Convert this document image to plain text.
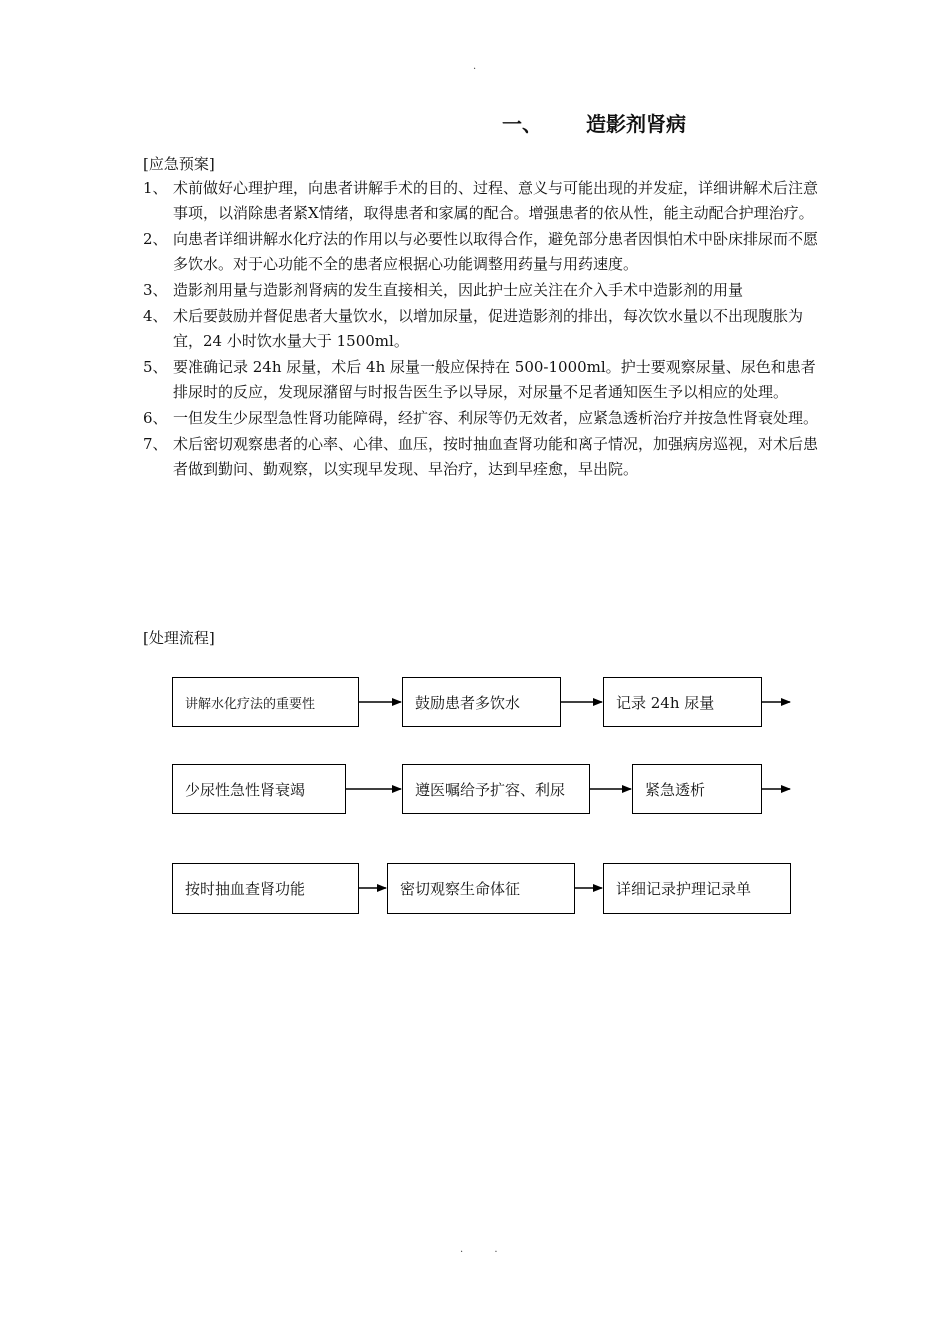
.
一、 造影剂肾病
[应急预案]
1、 术前做好心理护理，向患者讲解手术的目的、过程、意义与可能出现的并发症，详细讲解术后注意事项，以消除患者紧X情绪，取得患者和家属的配合。增强患者的依从性，能主动配合护理治疗。
2、 向患者详细讲解水化疗法的作用以与必要性以取得合作，避免部分患者因惧怕术中卧床排尿而不愿多饮水。对于心功能不全的患者应根据心功能调整用药量与用药速度。
3、 造影剂用量与造影剂肾病的发生直接相关，因此护士应关注在介入手术中造影剂的用量
4、 术后要鼓励并督促患者大量饮水，以增加尿量，促进造影剂的排出，每次饮水量以不出现腹胀为宜，24 小时饮水量大于 1500ml。
5、 要准确记录 24h 尿量，术后 4h 尿量一般应保持在 500-1000ml。护士要观察尿量、尿色和患者排尿时的反应，发现尿潴留与时报告医生予以导尿，对尿量不足者通知医生予以相应的处理。
6、 一但发生少尿型急性肾功能障碍，经扩容、利尿等仍无效者，应紧急透析治疗并按急性肾衰处理。
7、 术后密切观察患者的心率、心律、血压，按时抽血查肾功能和离子情况，加强病房巡视，对术后患者做到勤问、勤观察，以实现早发现、早治疗，达到早痊愈，早出院。
[处理流程]
讲解水化疗法的重要性	鼓励患者多饮水	记录 24h 尿量
少尿性急性肾衰竭	遵医嘱给予扩容、利尿	紧急透析
按时抽血查肾功能	密切观察生命体征	详细记录护理记录单
. .
